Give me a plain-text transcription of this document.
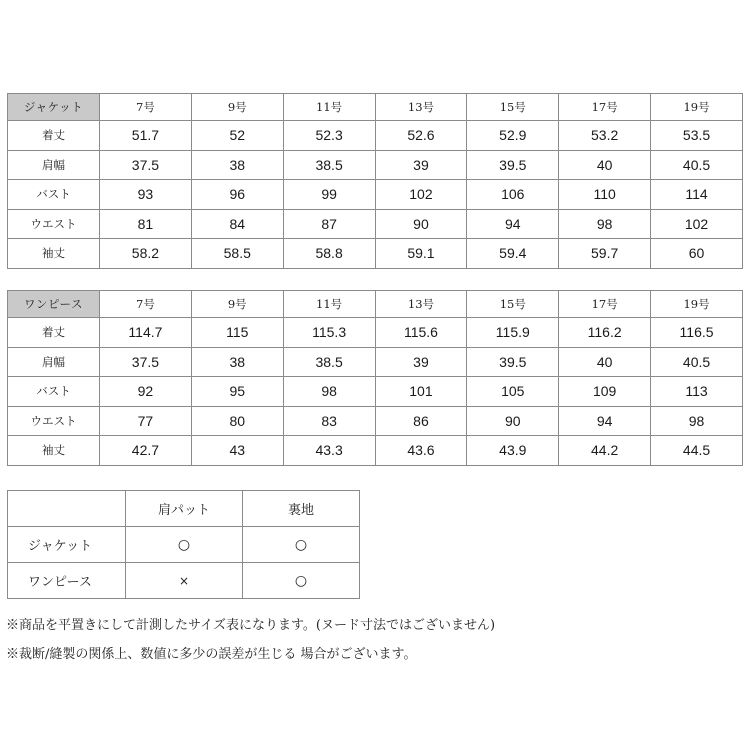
ジャケット	7号	9号	11号	13号	15号	17号	19号
着丈	51.7	52	52.3	52.6	52.9	53.2	53.5
肩幅	37.5	38	38.5	39	39.5	40	40.5
バスト	93	96	99	102	106	110	114
ウエスト	81	84	87	90	94	98	102
袖丈	58.2	58.5	58.8	59.1	59.4	59.7	60
ワンピース	7号	9号	11号	13号	15号	17号	19号
着丈	114.7	115	115.3	115.6	115.9	116.2	116.5
肩幅	37.5	38	38.5	39	39.5	40	40.5
バスト	92	95	98	101	105	109	113
ウエスト	77	80	83	86	90	94	98
袖丈	42.7	43	43.3	43.6	43.9	44.2	44.5
	肩パット	裏地
ジャケット	○	○
ワンピース	×	○
※商品を平置きにして計測したサイズ表になります。(ヌード寸法ではございません)
※裁断/縫製の関係上、数値に多少の誤差が生じる 場合がございます。
